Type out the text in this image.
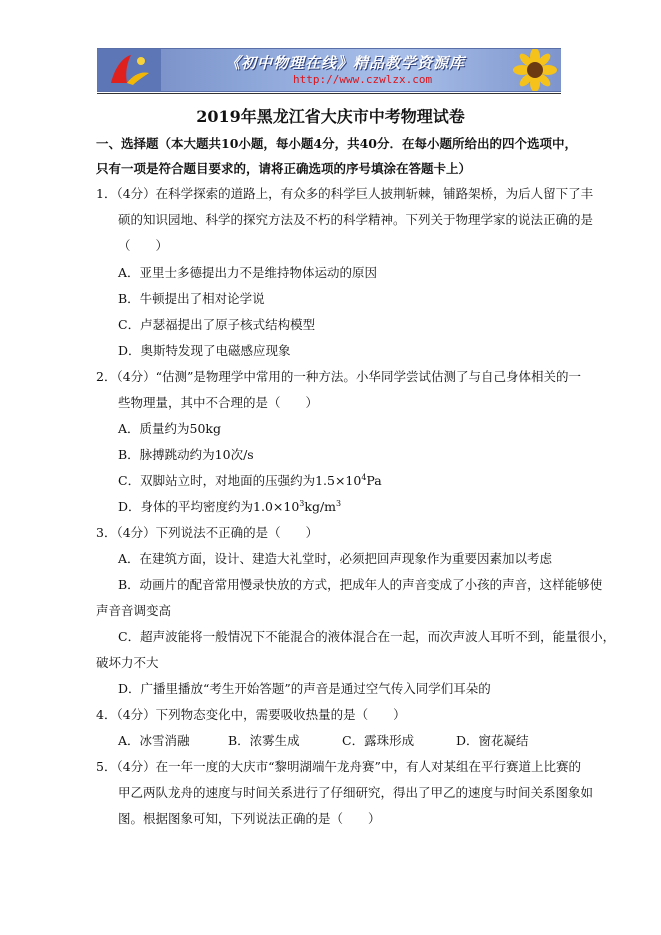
《初中物理在线》精品教学资源库
http://www.czwlzx.com
2019年黑龙江省大庆市中考物理试卷
一、选择题（本大题共10小题，每小题4分，共40分．在每小题所给出的四个选项中，
只有一项是符合题目要求的，请将正确选项的序号填涂在答题卡上）
1．（4分）在科学探索的道路上，有众多的科学巨人披荆斩棘，铺路架桥，为后人留下了丰
硕的知识园地、科学的探究方法及不朽的科学精神。下列关于物理学家的说法正确的是
（　　）
A．亚里士多德提出力不是维持物体运动的原因
B．牛顿提出了相对论学说
C．卢瑟福提出了原子核式结构模型
D．奥斯特发现了电磁感应现象
2．（4分）“估测”是物理学中常用的一种方法。小华同学尝试估测了与自己身体相关的一
些物理量，其中不合理的是（　　）
A．质量约为50kg
B．脉搏跳动约为10次/s
C．双脚站立时，对地面的压强约为$1.5\times 10^4Pa$
D．身体的平均密度约为$1.0\times 10^3kg/m^3$
3．（4分）下列说法不正确的是（　　）
A．在建筑方面，设计、建造大礼堂时，必须把回声现象作为重要因素加以考虑
B．动画片的配音常用慢录快放的方式，把成年人的声音变成了小孩的声音，这样能够使
声音音调变高
C．超声波能将一般情况下不能混合的液体混合在一起，而次声波人耳听不到，能量很小，
破坏力不大
D．广播里播放“考生开始答题”的声音是通过空气传入同学们耳朵的
4．（4分）下列物态变化中，需要吸收热量的是（　　）
A．冰雪消融	B．浓雾生成	C．露珠形成	D．窗花凝结
5．（4分）在一年一度的大庆市“黎明湖端午龙舟赛”中，有人对某组在平行赛道上比赛的
甲乙两队龙舟的速度与时间关系进行了仔细研究，得出了甲乙的速度与时间关系图象如
图。根据图象可知，下列说法正确的是（　　）
